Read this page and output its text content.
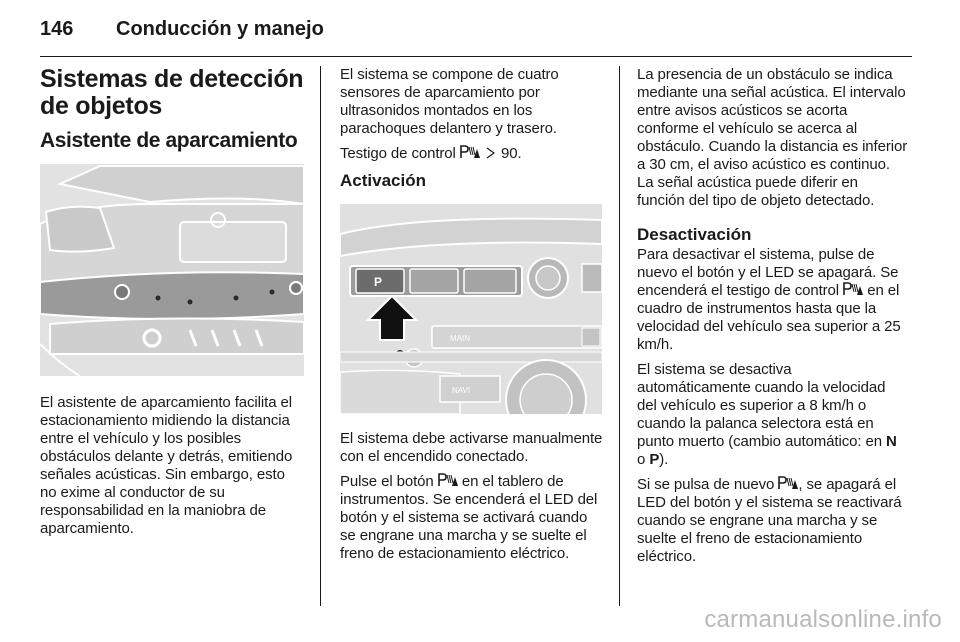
146 Conducción y manejo
Sistemas de detección de objetos
Asistente de aparcamiento

El asistente de aparcamiento facilita el estacionamiento midiendo la distancia entre el vehículo y los posibles obstáculos delante y detrás, emitiendo señales acústicas. Sin embargo, esto no exime al conductor de su responsabilidad en la maniobra de aparcamiento.

El sistema se compone de cuatro sensores de aparcamiento por ultrasonidos montados en los parachoques delantero y trasero.

Testigo de control	90.

Activación
P
MAIN
NAVI

El sistema debe activarse manualmente con el encendido conectado.

Pulse el botón en el tablero de instrumentos. Se encenderá el LED del botón y el sistema se activará cuando se engrane una marcha y se suelte el freno de estacionamiento eléctrico.

La presencia de un obstáculo se indica mediante una señal acústica. El intervalo entre avisos acústicos se acorta conforme el vehículo se acerca al obstáculo. Cuando la distancia es inferior a 30 cm, el aviso acústico es continuo. La señal acústica puede diferir en función del tipo de objeto detectado.

Desactivación

Para desactivar el sistema, pulse de nuevo el botón y el LED se apagará. Se encenderá el testigo de control en el cuadro de instrumentos hasta que la velocidad del vehículo sea superior a 25 km/h.

El sistema se desactiva automáticamente cuando la velocidad del vehículo es superior a 8 km/h o cuando la palanca selectora está en punto muerto (cambio automático: en N o P).

Si se pulsa de nuevo , se apagará el LED del botón y el sistema se reactivará cuando se engrane una marcha y se suelte el freno de estacionamiento eléctrico.

carmanualsonline.info
